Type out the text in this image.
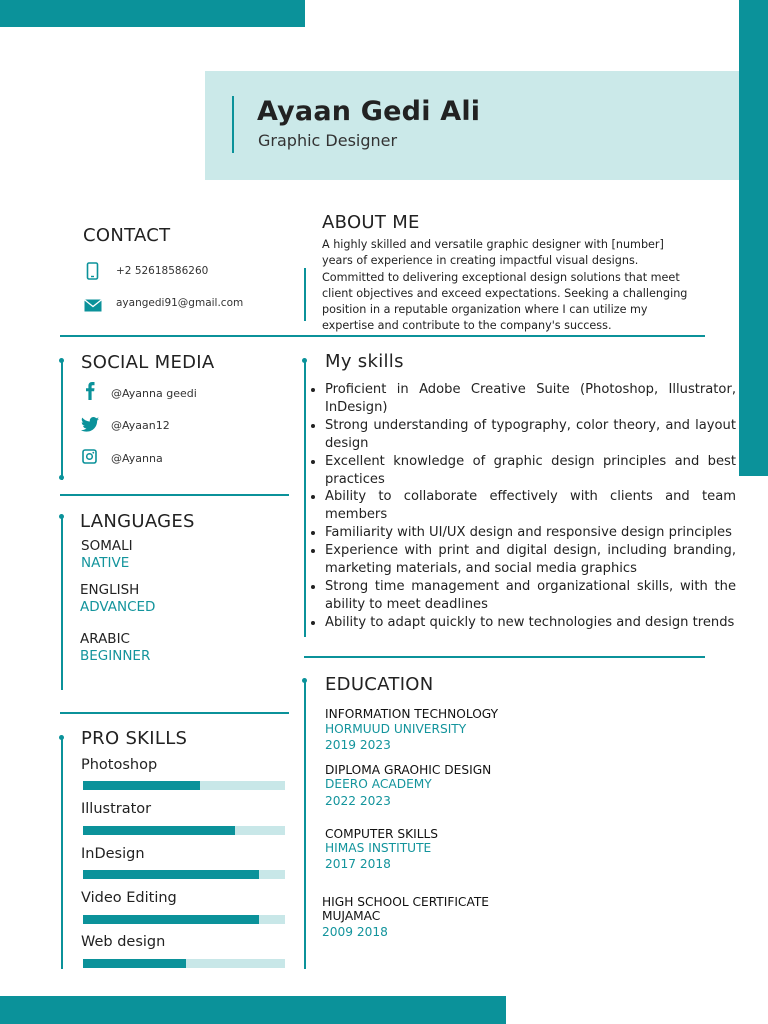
Ayaan Gedi Ali
Graphic Designer
CONTACT
+2 52618586260
ayangedi91@gmail.com
ABOUT ME
A highly skilled and versatile graphic designer with [number]
years of experience in creating impactful visual designs.
Committed to delivering exceptional design solutions that meet
client objectives and exceed expectations. Seeking a challenging
position in a reputable organization where I can utilize my
expertise and contribute to the company's success.
SOCIAL MEDIA
@Ayanna geedi
@Ayaan12
@Ayanna
My skills
• Proficient in Adobe Creative Suite (Photoshop, Illustrator, InDesign)
• Strong understanding of typography, color theory, and layout design
• Excellent knowledge of graphic design principles and best practices
• Ability to collaborate effectively with clients and team members
• Familiarity with UI/UX design and responsive design principles
• Experience with print and digital design, including branding, marketing materials, and social media graphics
• Strong time management and organizational skills, with the ability to meet deadlines
• Ability to adapt quickly to new technologies and design trends
LANGUAGES
SOMALI
NATIVE
ENGLISH
ADVANCED
ARABIC
BEGINNER
EDUCATION
INFORMATION TECHNOLOGY
HORMUUD UNIVERSITY
2019 2023
DIPLOMA GRAOHIC DESIGN
DEERO ACADEMY
2022 2023
COMPUTER SKILLS
HIMAS INSTITUTE
2017 2018
HIGH SCHOOL CERTIFICATE
MUJAMAC
2009 2018
PRO SKILLS
Photoshop
Illustrator
InDesign
Video Editing
Web design
